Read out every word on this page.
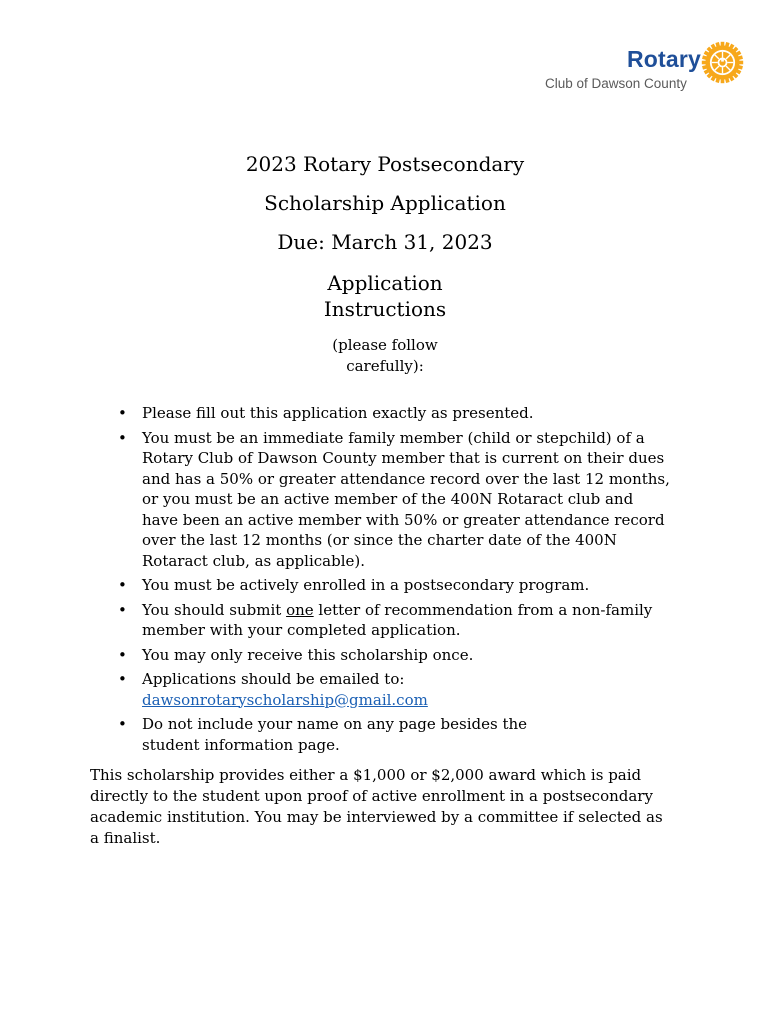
Rotary
Club of Dawson County
2023 Rotary Postsecondary
Scholarship Application
Due: March 31, 2023
Application
Instructions
(please follow
carefully):
• Please fill out this application exactly as presented.
• You must be an immediate family member (child or stepchild) of a
Rotary Club of Dawson County member that is current on their dues
and has a 50% or greater attendance record over the last 12 months,
or you must be an active member of the 400N Rotaract club and
have been an active member with 50% or greater attendance record
over the last 12 months (or since the charter date of the 400N
Rotaract club, as applicable).
• You must be actively enrolled in a postsecondary program.
• You should submit one letter of recommendation from a non-family
member with your completed application.
• You may only receive this scholarship once.
• Applications should be emailed to:
dawsonrotaryscholarship@gmail.com
• Do not include your name on any page besides the
student information page.
This scholarship provides either a $1,000 or $2,000 award which is paid
directly to the student upon proof of active enrollment in a postsecondary
academic institution. You may be interviewed by a committee if selected as
a finalist.
